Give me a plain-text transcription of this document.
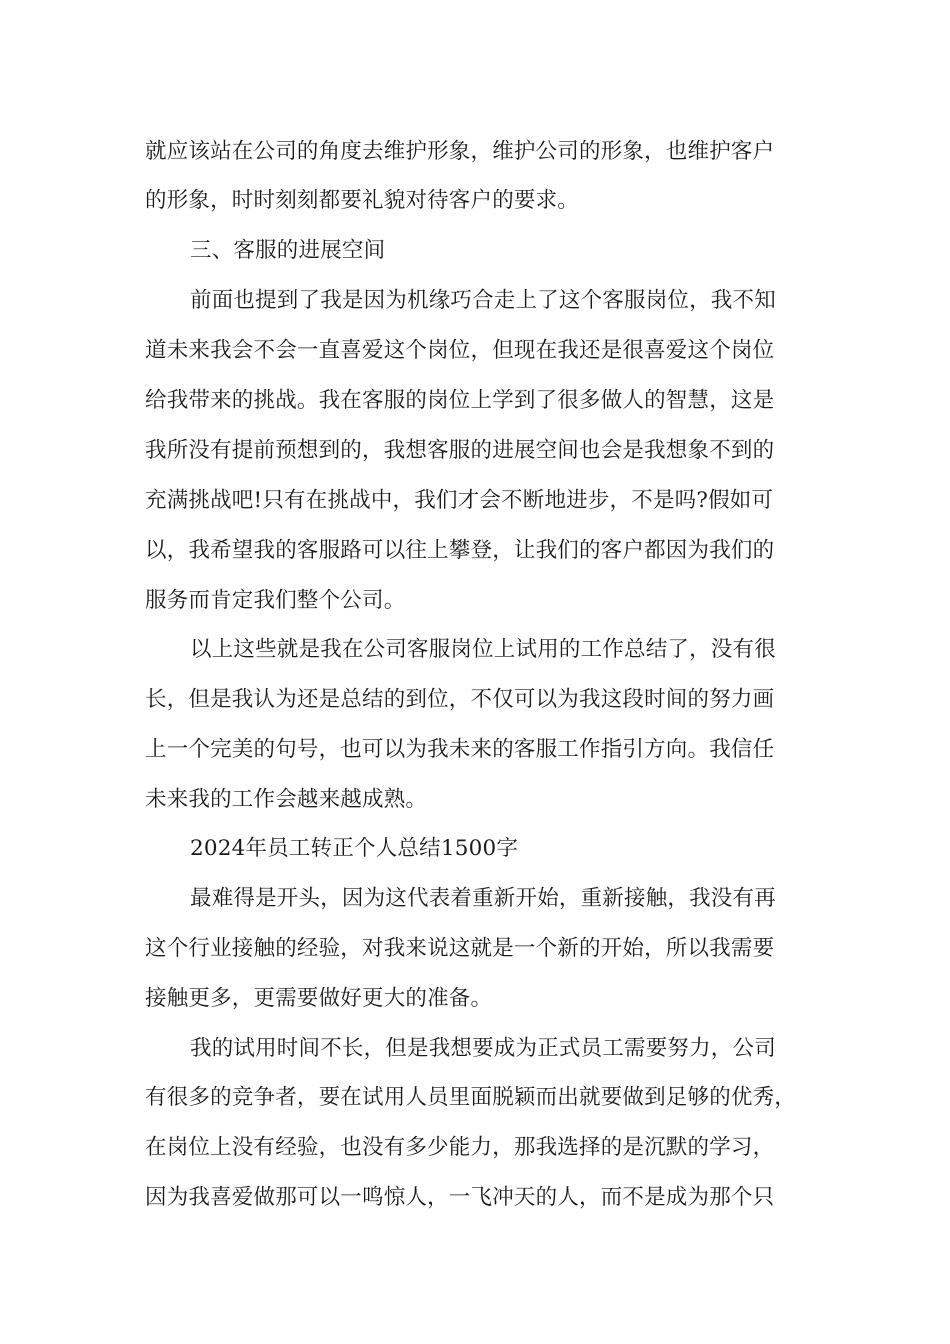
就应该站在公司的角度去维护形象，维护公司的形象，也维护客户
的形象，时时刻刻都要礼貌对待客户的要求。
三、客服的进展空间
前面也提到了我是因为机缘巧合走上了这个客服岗位，我不知
道未来我会不会一直喜爱这个岗位，但现在我还是很喜爱这个岗位
给我带来的挑战。我在客服的岗位上学到了很多做人的智慧，这是
我所没有提前预想到的，我想客服的进展空间也会是我想象不到的
充满挑战吧!只有在挑战中，我们才会不断地进步，不是吗?假如可
以，我希望我的客服路可以往上攀登，让我们的客户都因为我们的
服务而肯定我们整个公司。
以上这些就是我在公司客服岗位上试用的工作总结了，没有很
长，但是我认为还是总结的到位，不仅可以为我这段时间的努力画
上一个完美的句号，也可以为我未来的客服工作指引方向。我信任
未来我的工作会越来越成熟。
2024年员工转正个人总结1500字
最难得是开头，因为这代表着重新开始，重新接触，我没有再
这个行业接触的经验，对我来说这就是一个新的开始，所以我需要
接触更多，更需要做好更大的准备。
我的试用时间不长，但是我想要成为正式员工需要努力，公司
有很多的竞争者，要在试用人员里面脱颖而出就要做到足够的优秀，
在岗位上没有经验，也没有多少能力，那我选择的是沉默的学习，
因为我喜爱做那可以一鸣惊人，一飞冲天的人，而不是成为那个只
